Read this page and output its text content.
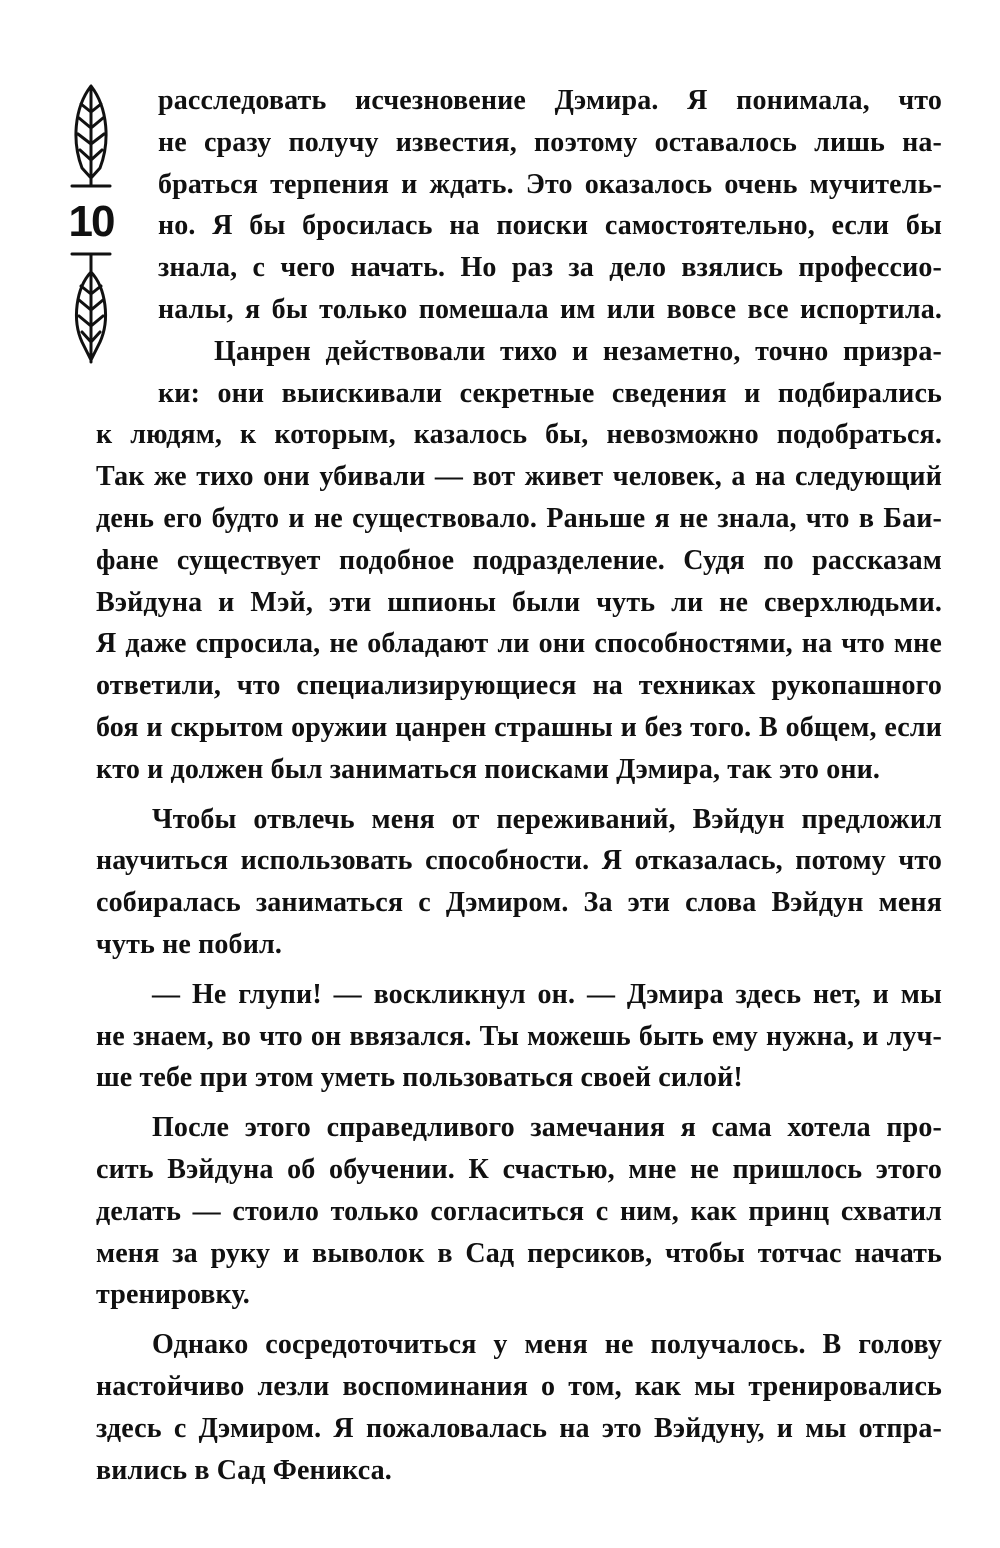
10

расследовать исчезновение Дэмира. Я понимала, что

не сразу получу известия, поэтому оставалось лишь на-

браться терпения и ждать. Это оказалось очень мучитель-

но. Я бы бросилась на поиски самостоятельно, если бы

знала, с чего начать. Но раз за дело взялись профессио-

налы, я бы только помешала им или вовсе все испортила.

Цанрен действовали тихо и незаметно, точно призра-

ки: они выискивали секретные сведения и подбирались

к людям, к которым, казалось бы, невозможно подобраться.

Так же тихо они убивали — вот живет человек, а на следующий

день его будто и не существовало. Раньше я не знала, что в Баи-

фане существует подобное подразделение. Судя по рассказам

Вэйдуна и Мэй, эти шпионы были чуть ли не сверхлюдьми.

Я даже спросила, не обладают ли они способностями, на что мне

ответили, что специализирующиеся на техниках рукопашного

боя и скрытом оружии цанрен страшны и без того. В общем, если

кто и должен был заниматься поисками Дэмира, так это они.

Чтобы отвлечь меня от переживаний, Вэйдун предложил

научиться использовать способности. Я отказалась, потому что

собиралась заниматься с Дэмиром. За эти слова Вэйдун меня

чуть не побил.

— Не глупи! — воскликнул он. — Дэмира здесь нет, и мы

не знаем, во что он ввязался. Ты можешь быть ему нужна, и луч-

ше тебе при этом уметь пользоваться своей силой!

После этого справедливого замечания я сама хотела про-

сить Вэйдуна об обучении. К счастью, мне не пришлось этого

делать — стоило только согласиться с ним, как принц схватил

меня за руку и выволок в Сад персиков, чтобы тотчас начать

тренировку.

Однако сосредоточиться у меня не получалось. В голову

настойчиво лезли воспоминания о том, как мы тренировались

здесь с Дэмиром. Я пожаловалась на это Вэйдуну, и мы отпра-

вились в Сад Феникса.
